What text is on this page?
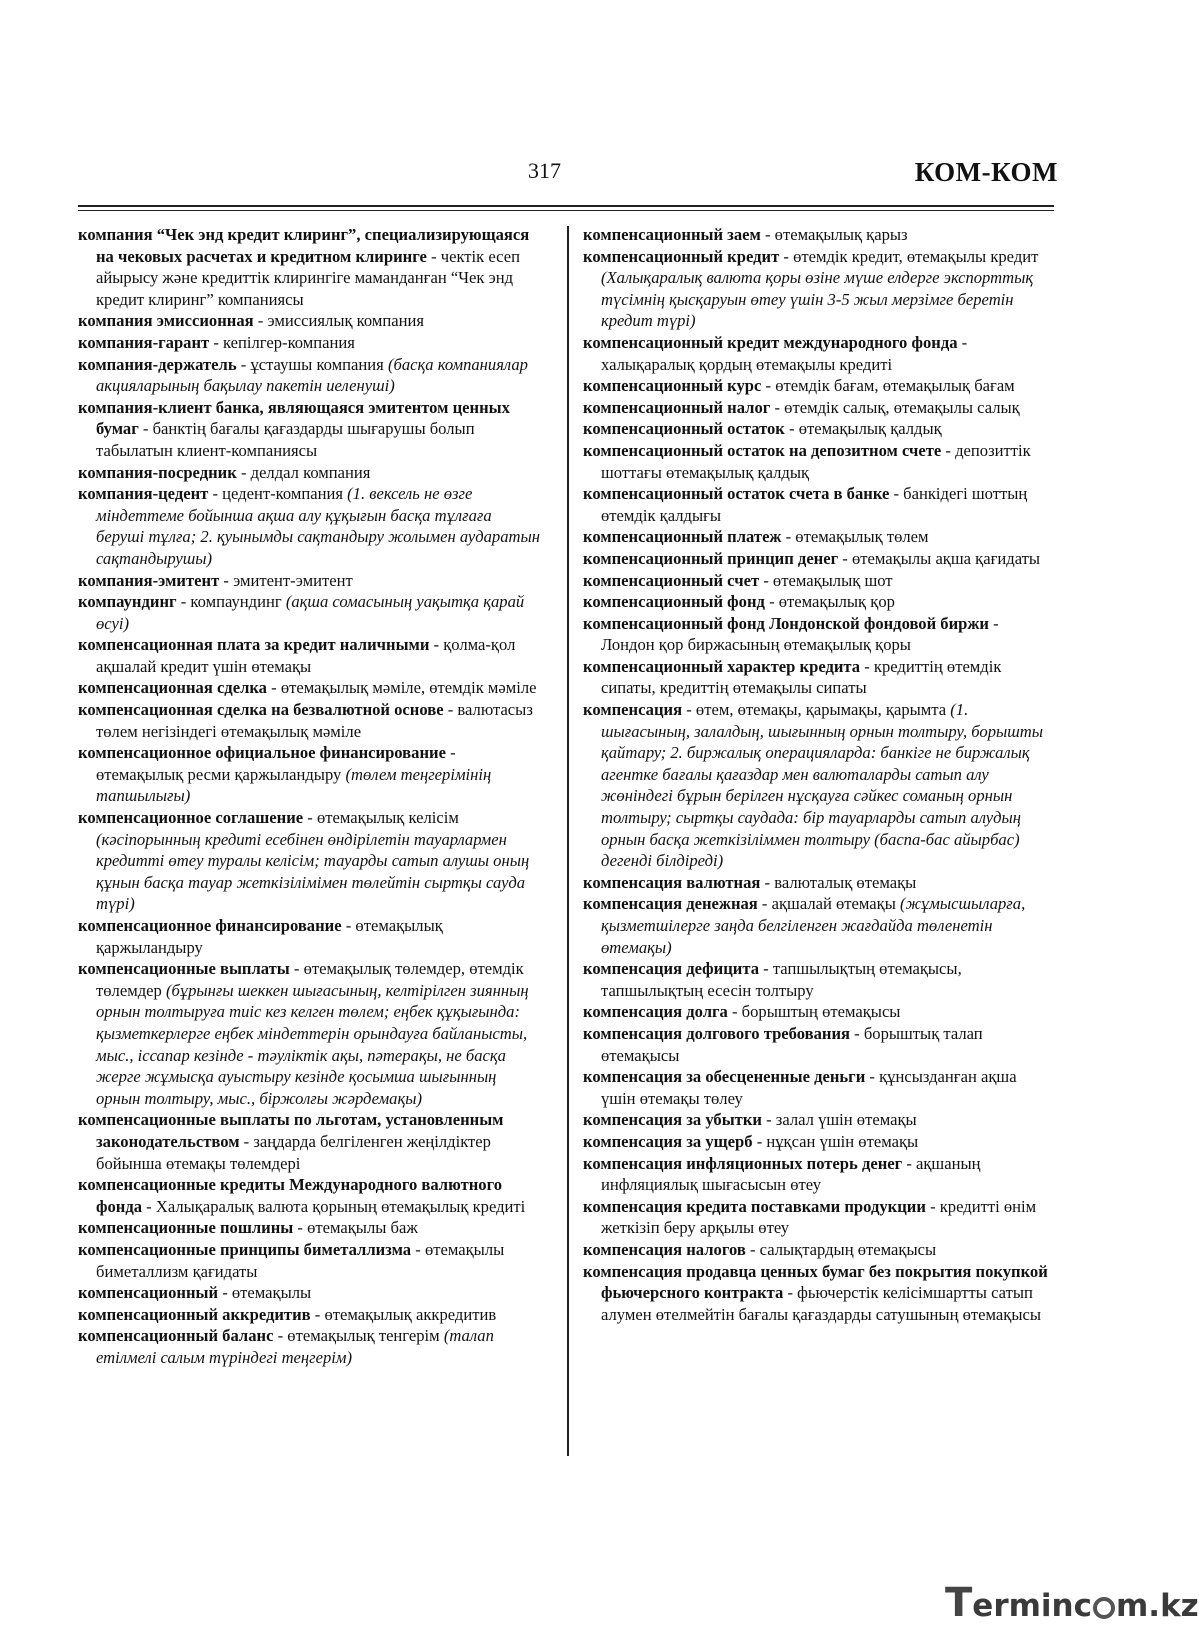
317	КОМ-КОМ

компания “Чек энд кредит клиринг”, специализирующаяся на чековых расчетах и кредитном клиринге - чектік есеп айырысу және кредиттік клирингіге маманданған “Чек энд кредит клиринг” компаниясы

компания эмиссионная - эмиссиялық компания

компания-гарант - кепілгер-компания

компания-держатель - ұстаушы компания (басқа компаниялар акцияларының бақылау пакетін иеленуші)

компания-клиент банка, являющаяся эмитентом ценных бумаг - банктің бағалы қағаздарды шығарушы болып табылатын клиент-компаниясы

компания-посредник - делдал компания

компания-цедент - цедент-компания (1. вексель не өзге міндеттеме бойынша ақша алу құқығын басқа тұлғаға беруші тұлға; 2. қуынымды сақтандыру жолымен аударатын сақтандырушы)

компания-эмитент - эмитент-эмитент

компаундинг - компаундинг (ақша сомасының уақытқа қарай өсуі)

компенсационная плата за кредит наличными - қолма-қол ақшалай кредит үшін өтемақы

компенсационная сделка - өтемақылық мәміле, өтемдік мәміле

компенсационная сделка на безвалютной основе - валютасыз төлем негізіндегі өтемақылық мәміле

компенсационное официальное финансирование - өтемақылық ресми қаржыландыру (төлем теңгерімінің тапшылығы)

компенсационное соглашение - өтемақылық келісім (кәсіпорынның кредиті есебінен өндірілетін тауарлармен кредитті өтеу туралы келісім; тауарды сатып алушы оның құнын басқа тауар жеткізілімімен төлейтін сыртқы сауда түрі)

компенсационное финансирование - өтемақылық қаржыландыру

компенсационные выплаты - өтемақылық төлемдер, өтемдік төлемдер (бұрынғы шеккен шығасының, келтірілген зиянның орнын толтыруға тиіс кез келген төлем; еңбек құқығында: қызметкерлерге еңбек міндеттерін орындауға байланысты, мыс., іссапар кезінде - тәуліктік ақы, пәтерақы, не басқа жерге жұмысқа ауыстыру кезінде қосымша шығынның орнын толтыру, мыс., біржолғы жәрдемақы)

компенсационные выплаты по льготам, установленным законодательством - заңдарда белгіленген жеңілдіктер бойынша өтемақы төлемдері

компенсационные кредиты Международного валютного фонда - Халықаралық валюта қорының өтемақылық кредиті

компенсационные пошлины - өтемақылы баж

компенсационные принципы биметаллизма - өтемақылы биметаллизм қағидаты

компенсационный - өтемақылы

компенсационный аккредитив - өтемақылық аккредитив

компенсационный баланс - өтемақылық тенгерім (талап етілмелі салым түріндегі теңгерім)

компенсационный заем - өтемақылық қарыз

компенсационный кредит - өтемдік кредит, өтемақылы кредит (Халықаралық валюта қоры өзіне мүше елдерге экспорттық түсімнің қысқаруын өтеу үшін 3-5 жыл мерзімге беретін кредит түрі)

компенсационный кредит международного фонда - халықаралық қордың өтемақылы кредиті

компенсационный курс - өтемдік бағам, өтемақылық бағам

компенсационный налог - өтемдік салық, өтемақылы салық

компенсационный остаток - өтемақылық қалдық

компенсационный остаток на депозитном счете - депозиттік шоттағы өтемақылық қалдық

компенсационный остаток счета в банке - банкідегі шоттың өтемдік қалдығы

компенсационный платеж - өтемақылық төлем

компенсационный принцип денег - өтемақылы ақша қағидаты

компенсационный счет - өтемақылық шот

компенсационный фонд - өтемақылық қор

компенсационный фонд Лондонской фондовой биржи - Лондон қор биржасының өтемақылық қоры

компенсационный характер кредита - кредиттің өтемдік сипаты, кредиттің өтемақылы сипаты

компенсация - өтем, өтемақы, қарымақы, қарымта (1. шығасының, залалдың, шығынның орнын толтыру, борышты қайтару; 2. биржалық операцияларда: банкіге не биржалық агентке бағалы қағаздар мен валюталарды сатып алу жөніндегі бұрын берілген нұсқауға сәйкес соманың орнын толтыру; сыртқы саудада: бір тауарларды сатып алудың орнын басқа жеткізіліммен толтыру (баспа-бас айырбас) дегенді білдіреді)

компенсация валютная - валюталық өтемақы

компенсация денежная - ақшалай өтемақы (жұмысшыларға, қызметшілерге заңда белгіленген жағдайда төленетін өтемақы)

компенсация дефицита - тапшылықтың өтемақысы, тапшылықтың есесін толтыру

компенсация долга - борыштың өтемақысы

компенсация долгового требования - борыштық талап өтемақысы

компенсация за обесцененные деньги - құнсызданған ақша үшін өтемақы төлеу

компенсация за убытки - залал үшін өтемақы

компенсация за ущерб - нұқсан үшін өтемақы

компенсация инфляционных потерь денег - ақшаның инфляциялық шығасысын өтеу

компенсация кредита поставками продукции - кредитті өнім жеткізіп беру арқылы өтеу

компенсация налогов - салықтардың өтемақысы

компенсация продавца ценных бумаг без покрытия покупкой фьючерсного контракта - фьючерстік келісімшартты сатып алумен өтелмейтін бағалы қағаздарды сатушының өтемақысы

Terminc m.kz
